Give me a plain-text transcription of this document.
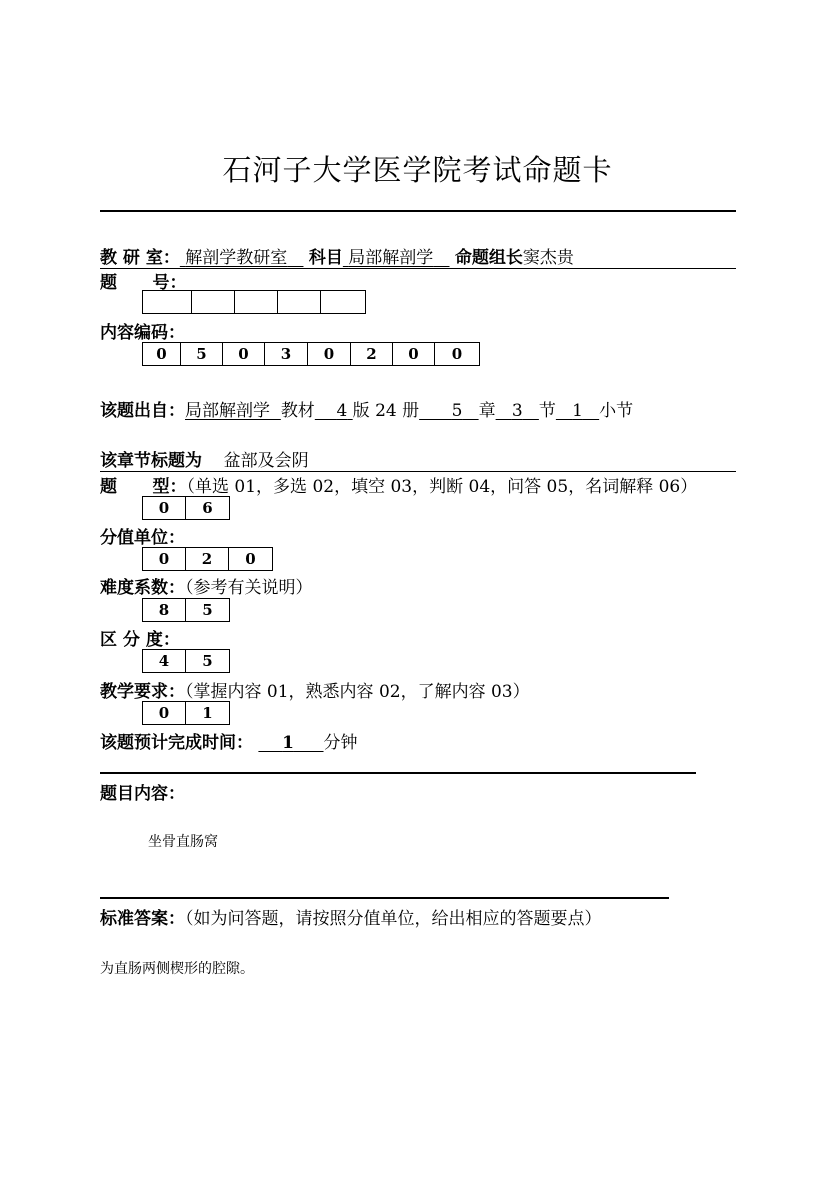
石河子大学医学院考试命题卡
教 研 室： 解剖学教研室 科目 局部解剖学 命题组长窦杰贵
题      号：
内容编码：
0	5	0	3	0	2	0	0
该题出自：局部解剖学 教材 4 版 24 册 5 章 3 节 1 小节
该章节标题为 盆部及会阴
题      型：（单选 01，多选 02，填空 03，判断 04，问答 05，名词解释 06）
0	6
分值单位：
0	2	0
难度系数：（参考有关说明）
8	5
区 分 度：
4	5
教学要求：（掌握内容 01，熟悉内容 02，了解内容 03）
0	1
该题预计完成时间： 1 分钟
题目内容：
坐骨直肠窝
标准答案：（如为问答题，请按照分值单位，给出相应的答题要点）
为直肠两侧楔形的腔隙。
